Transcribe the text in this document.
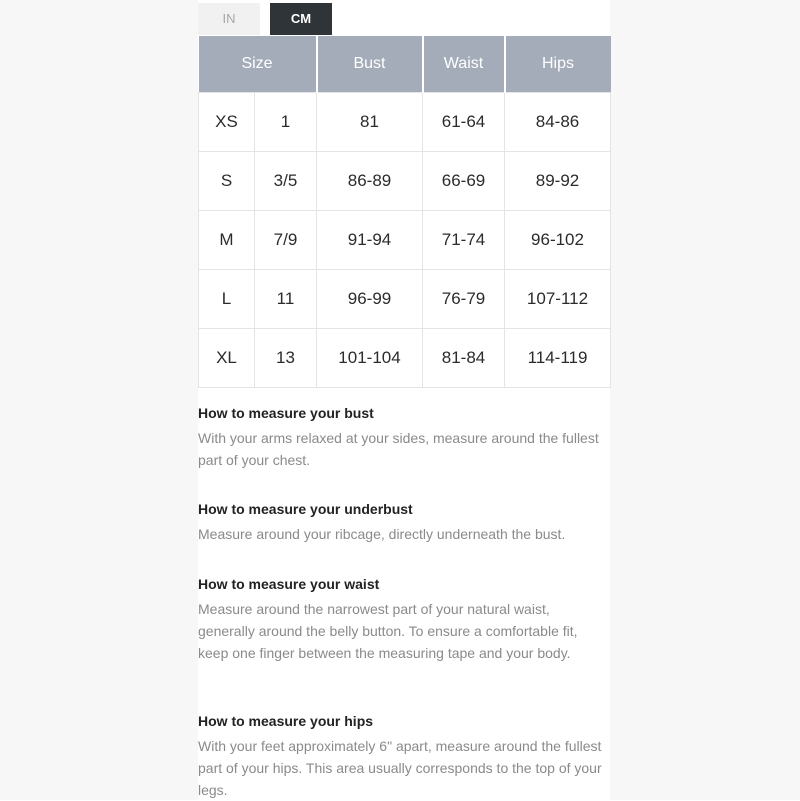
IN	CM
Size		Bust	Waist	Hips
XS	1	81	61-64	84-86
S	3/5	86-89	66-69	89-92
M	7/9	91-94	71-74	96-102
L	11	96-99	76-79	107-112
XL	13	101-104	81-84	114-119
How to measure your bust

With your arms relaxed at your sides, measure around the fullest part of your chest.

How to measure your underbust

Measure around your ribcage, directly underneath the bust.

How to measure your waist

Measure around the narrowest part of your natural waist, generally around the belly button. To ensure a comfortable fit, keep one finger between the measuring tape and your body.

How to measure your hips

With your feet approximately 6" apart, measure around the fullest part of your hips. This area usually corresponds to the top of your legs.
